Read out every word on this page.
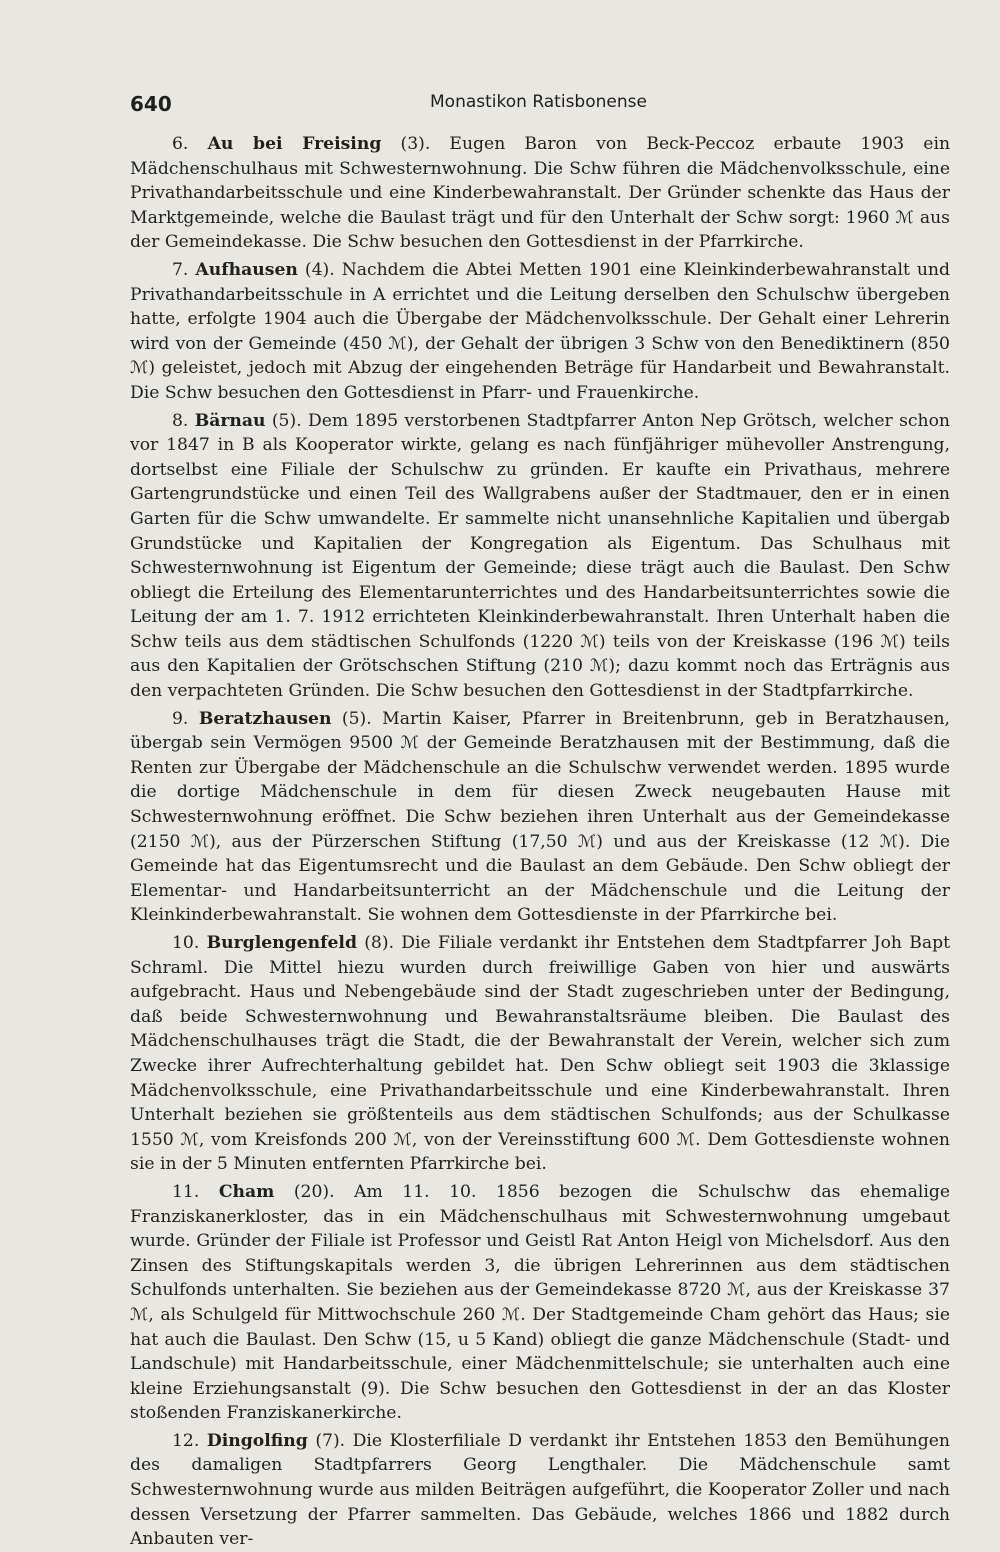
640	Monastikon Ratisbonense

6. Au bei Freising (3). Eugen Baron von Beck-Peccoz erbaute 1903 ein Mädchenschulhaus mit Schwesternwohnung. Die Schw führen die Mädchenvolksschule, eine Privathandarbeitsschule und eine Kinderbewahranstalt. Der Gründer schenkte das Haus der Marktgemeinde, welche die Baulast trägt und für den Unterhalt der Schw sorgt: 1960 ℳ aus der Gemeindekasse. Die Schw besuchen den Gottesdienst in der Pfarrkirche.

7. Aufhausen (4). Nachdem die Abtei Metten 1901 eine Kleinkinderbewahranstalt und Privathandarbeitsschule in A errichtet und die Leitung derselben den Schulschw übergeben hatte, erfolgte 1904 auch die Übergabe der Mädchenvolksschule. Der Gehalt einer Lehrerin wird von der Gemeinde (450 ℳ), der Gehalt der übrigen 3 Schw von den Benediktinern (850 ℳ) geleistet, jedoch mit Abzug der eingehenden Beträge für Handarbeit und Bewahranstalt. Die Schw besuchen den Gottesdienst in Pfarr- und Frauenkirche.

8. Bärnau (5). Dem 1895 verstorbenen Stadtpfarrer Anton Nep Grötsch, welcher schon vor 1847 in B als Kooperator wirkte, gelang es nach fünfjähriger mühevoller Anstrengung, dortselbst eine Filiale der Schulschw zu gründen. Er kaufte ein Privathaus, mehrere Gartengrundstücke und einen Teil des Wallgrabens außer der Stadtmauer, den er in einen Garten für die Schw umwandelte. Er sammelte nicht unansehnliche Kapitalien und übergab Grundstücke und Kapitalien der Kongregation als Eigentum. Das Schulhaus mit Schwesternwohnung ist Eigentum der Gemeinde; diese trägt auch die Baulast. Den Schw obliegt die Erteilung des Elementarunterrichtes und des Handarbeitsunterrichtes sowie die Leitung der am 1. 7. 1912 errichteten Kleinkinderbewahranstalt. Ihren Unterhalt haben die Schw teils aus dem städtischen Schulfonds (1220 ℳ) teils von der Kreiskasse (196 ℳ) teils aus den Kapitalien der Grötschschen Stiftung (210 ℳ); dazu kommt noch das Erträgnis aus den verpachteten Gründen. Die Schw besuchen den Gottesdienst in der Stadtpfarrkirche.

9. Beratzhausen (5). Martin Kaiser, Pfarrer in Breitenbrunn, geb in Beratzhausen, übergab sein Vermögen 9500 ℳ der Gemeinde Beratzhausen mit der Bestimmung, daß die Renten zur Übergabe der Mädchenschule an die Schulschw verwendet werden. 1895 wurde die dortige Mädchenschule in dem für diesen Zweck neugebauten Hause mit Schwesternwohnung eröffnet. Die Schw beziehen ihren Unterhalt aus der Gemeindekasse (2150 ℳ), aus der Pürzerschen Stiftung (17,50 ℳ) und aus der Kreiskasse (12 ℳ). Die Gemeinde hat das Eigentumsrecht und die Baulast an dem Gebäude. Den Schw obliegt der Elementar- und Handarbeitsunterricht an der Mädchenschule und die Leitung der Kleinkinderbewahranstalt. Sie wohnen dem Gottesdienste in der Pfarrkirche bei.

10. Burglengenfeld (8). Die Filiale verdankt ihr Entstehen dem Stadtpfarrer Joh Bapt Schraml. Die Mittel hiezu wurden durch freiwillige Gaben von hier und auswärts aufgebracht. Haus und Nebengebäude sind der Stadt zugeschrieben unter der Bedingung, daß beide Schwesternwohnung und Bewahranstaltsräume bleiben. Die Baulast des Mädchenschulhauses trägt die Stadt, die der Bewahranstalt der Verein, welcher sich zum Zwecke ihrer Aufrechterhaltung gebildet hat. Den Schw obliegt seit 1903 die 3klassige Mädchenvolksschule, eine Privathandarbeitsschule und eine Kinderbewahranstalt. Ihren Unterhalt beziehen sie größtenteils aus dem städtischen Schulfonds; aus der Schulkasse 1550 ℳ, vom Kreisfonds 200 ℳ, von der Vereinsstiftung 600 ℳ. Dem Gottesdienste wohnen sie in der 5 Minuten entfernten Pfarrkirche bei.

11. Cham (20). Am 11. 10. 1856 bezogen die Schulschw das ehemalige Franziskanerkloster, das in ein Mädchenschulhaus mit Schwesternwohnung umgebaut wurde. Gründer der Filiale ist Professor und Geistl Rat Anton Heigl von Michelsdorf. Aus den Zinsen des Stiftungskapitals werden 3, die übrigen Lehrerinnen aus dem städtischen Schulfonds unterhalten. Sie beziehen aus der Gemeindekasse 8720 ℳ, aus der Kreiskasse 37 ℳ, als Schulgeld für Mittwochschule 260 ℳ. Der Stadtgemeinde Cham gehört das Haus; sie hat auch die Baulast. Den Schw (15, u 5 Kand) obliegt die ganze Mädchenschule (Stadt- und Landschule) mit Handarbeitsschule, einer Mädchenmittelschule; sie unterhalten auch eine kleine Erziehungsanstalt (9). Die Schw besuchen den Gottesdienst in der an das Kloster stoßenden Franziskanerkirche.

12. Dingolfing (7). Die Klosterfiliale D verdankt ihr Entstehen 1853 den Bemühungen des damaligen Stadtpfarrers Georg Lengthaler. Die Mädchenschule samt Schwesternwohnung wurde aus milden Beiträgen aufgeführt, die Kooperator Zoller und nach dessen Versetzung der Pfarrer sammelten. Das Gebäude, welches 1866 und 1882 durch Anbauten ver-
